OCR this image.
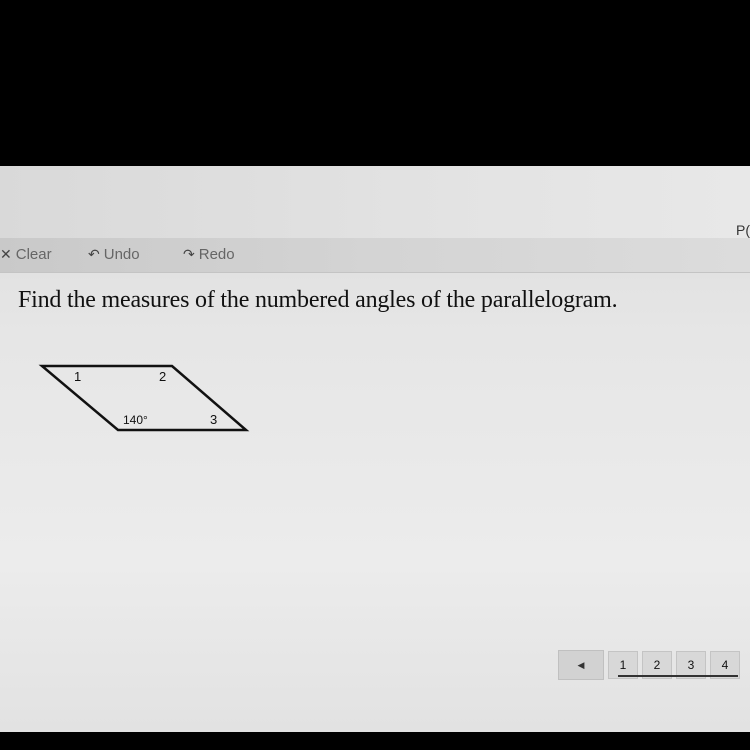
P(
✕ Clear	↶ Undo	↷ Redo
Find the measures of the numbered angles of the parallelogram.
1	2
140°	3
◀	1	2	3	4
